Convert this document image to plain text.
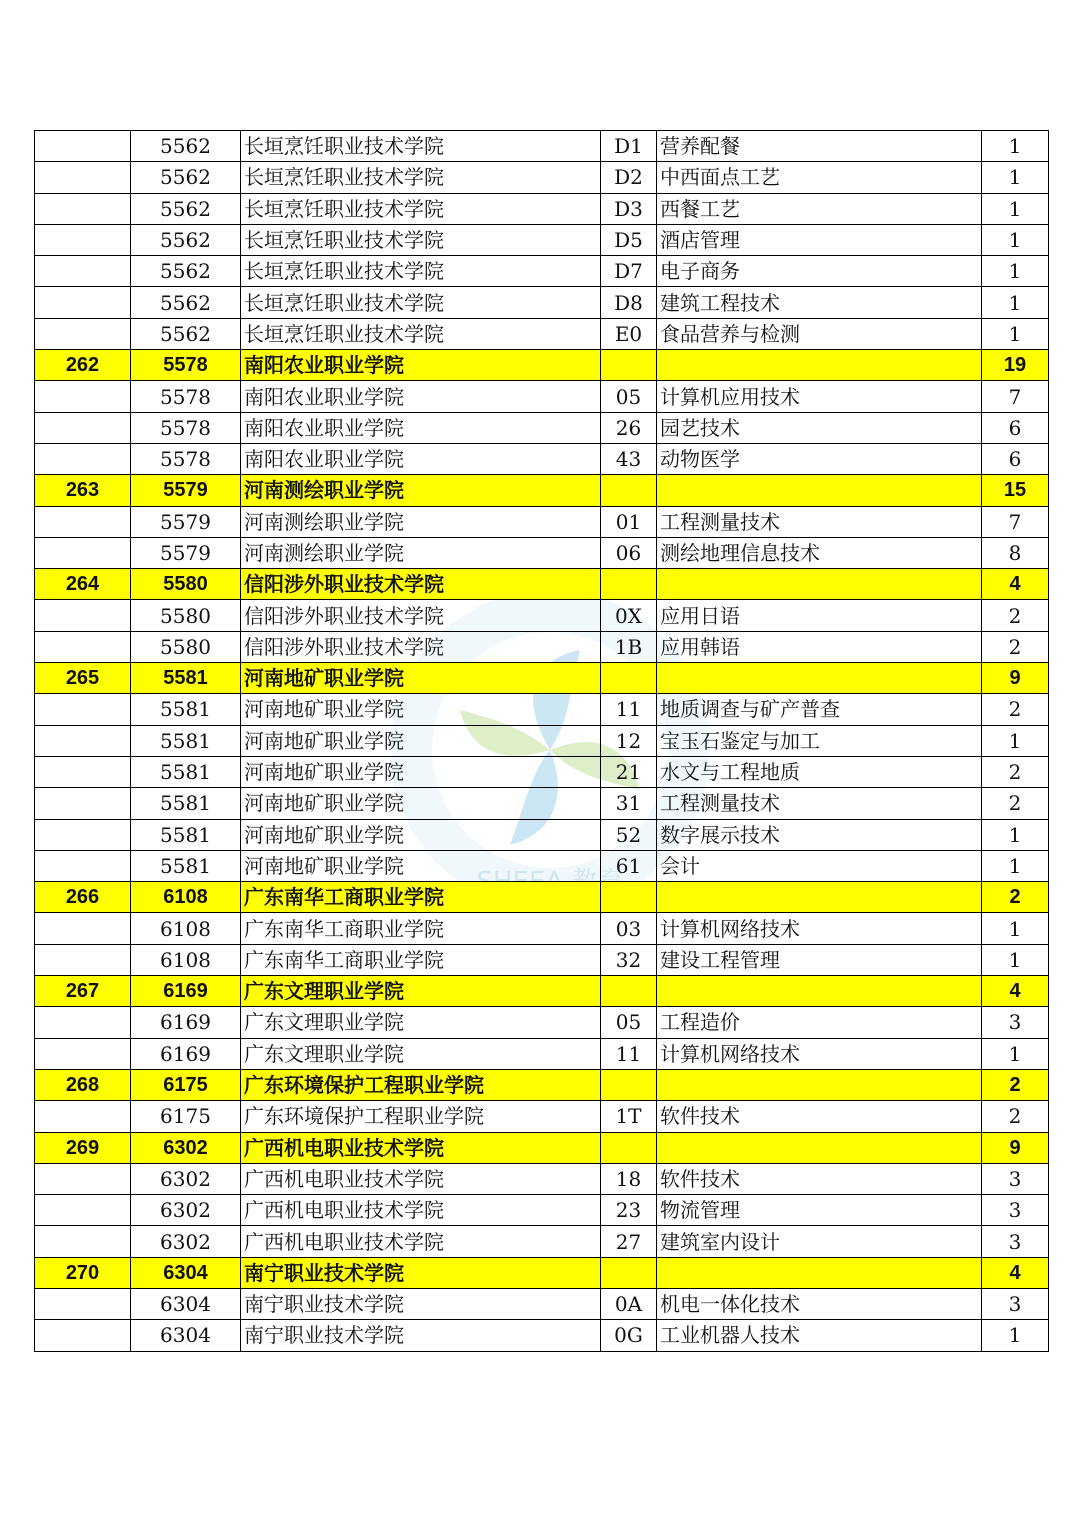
	5562	长垣烹饪职业技术学院	D1	营养配餐	1
	5562	长垣烹饪职业技术学院	D2	中西面点工艺	1
	5562	长垣烹饪职业技术学院	D3	西餐工艺	1
	5562	长垣烹饪职业技术学院	D5	酒店管理	1
	5562	长垣烹饪职业技术学院	D7	电子商务	1
	5562	长垣烹饪职业技术学院	D8	建筑工程技术	1
	5562	长垣烹饪职业技术学院	E0	食品营养与检测	1
262	5578	南阳农业职业学院			19
	5578	南阳农业职业学院	05	计算机应用技术	7
	5578	南阳农业职业学院	26	园艺技术	6
	5578	南阳农业职业学院	43	动物医学	6
263	5579	河南测绘职业学院			15
	5579	河南测绘职业学院	01	工程测量技术	7
	5579	河南测绘职业学院	06	测绘地理信息技术	8
264	5580	信阳涉外职业技术学院			4
	5580	信阳涉外职业技术学院	0X	应用日语	2
	5580	信阳涉外职业技术学院	1B	应用韩语	2
265	5581	河南地矿职业学院			9
	5581	河南地矿职业学院	11	地质调查与矿产普查	2
	5581	河南地矿职业学院	12	宝玉石鉴定与加工	1
	5581	河南地矿职业学院	21	水文与工程地质	2
	5581	河南地矿职业学院	31	工程测量技术	2
	5581	河南地矿职业学院	52	数字展示技术	1
	5581	河南地矿职业学院	61	会计	1
266	6108	广东南华工商职业学院			2
	6108	广东南华工商职业学院	03	计算机网络技术	1
	6108	广东南华工商职业学院	32	建设工程管理	1
267	6169	广东文理职业学院			4
	6169	广东文理职业学院	05	工程造价	3
	6169	广东文理职业学院	11	计算机网络技术	1
268	6175	广东环境保护工程职业学院			2
	6175	广东环境保护工程职业学院	1T	软件技术	2
269	6302	广西机电职业技术学院			9
	6302	广西机电职业技术学院	18	软件技术	3
	6302	广西机电职业技术学院	23	物流管理	3
	6302	广西机电职业技术学院	27	建筑室内设计	3
270	6304	南宁职业技术学院			4
	6304	南宁职业技术学院	0A	机电一体化技术	3
	6304	南宁职业技术学院	0G	工业机器人技术	1
